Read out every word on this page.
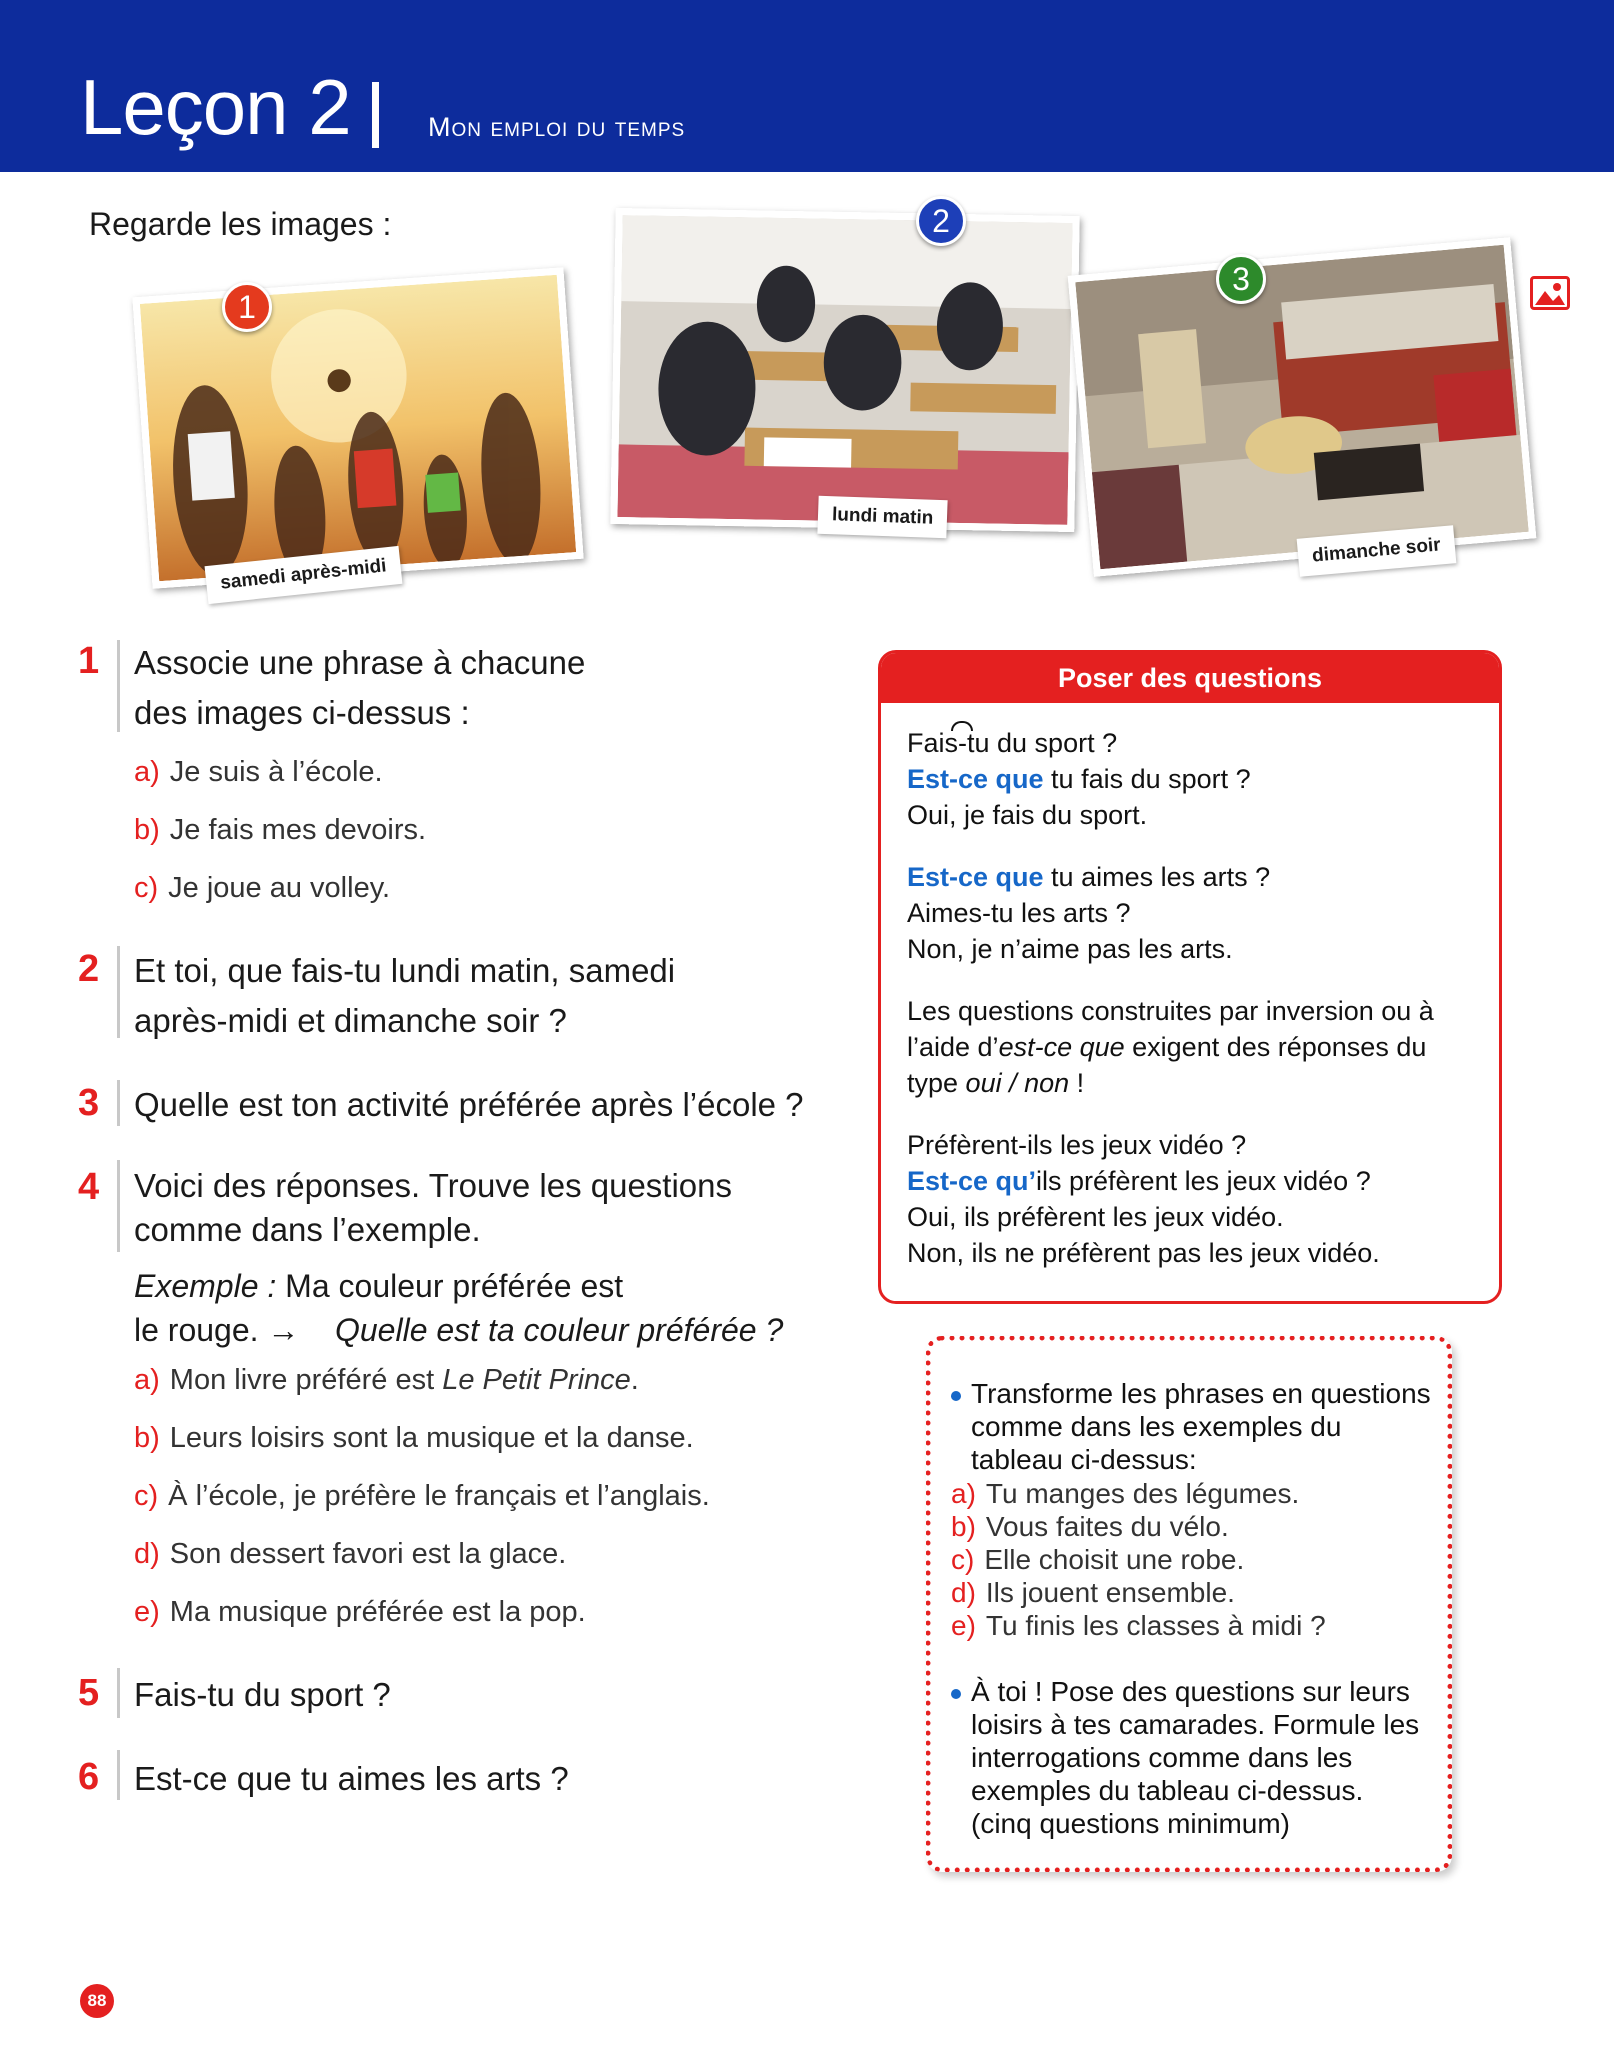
Leçon 2	Mon emploi du temps
Regarde les images :
samedi après-midi
lundi matin
dimanche soir
1
2
3
1 Associe une phrase à chacune
des images ci-dessus :
a) Je suis à l’école.
b) Je fais mes devoirs.
c) Je joue au volley.
2 Et toi, que fais-tu lundi matin, samedi
après-midi et dimanche soir ?
3 Quelle est ton activité préférée après l’école ?
4 Voici des réponses. Trouve les questions
comme dans l’exemple.
Exemple : Ma couleur préférée est
le rouge. → Quelle est ta couleur préférée ?
a) Mon livre préféré est Le Petit Prince.
b) Leurs loisirs sont la musique et la danse.
c) À l’école, je préfère le français et l’anglais.
d) Son dessert favori est la glace.
e) Ma musique préférée est la pop.
5 Fais-tu du sport ?
6 Est-ce que tu aimes les arts ?
Poser des questions
Fais-tu du sport ?
Est-ce que tu fais du sport ?
Oui, je fais du sport.
Est-ce que tu aimes les arts ?
Aimes-tu les arts ?
Non, je n’aime pas les arts.
Les questions construites par inversion ou à
l’aide d’est-ce que exigent des réponses du
type oui / non !
Préfèrent-ils les jeux vidéo ?
Est-ce qu’ils préfèrent les jeux vidéo ?
Oui, ils préfèrent les jeux vidéo.
Non, ils ne préfèrent pas les jeux vidéo.
Transforme les phrases en questions
comme dans les exemples du
tableau ci-dessus:
a) Tu manges des légumes.
b) Vous faites du vélo.
c) Elle choisit une robe.
d) Ils jouent ensemble.
e) Tu finis les classes à midi ?
À toi ! Pose des questions sur leurs
loisirs à tes camarades. Formule les
interrogations comme dans les
exemples du tableau ci-dessus.
(cinq questions minimum)
88
